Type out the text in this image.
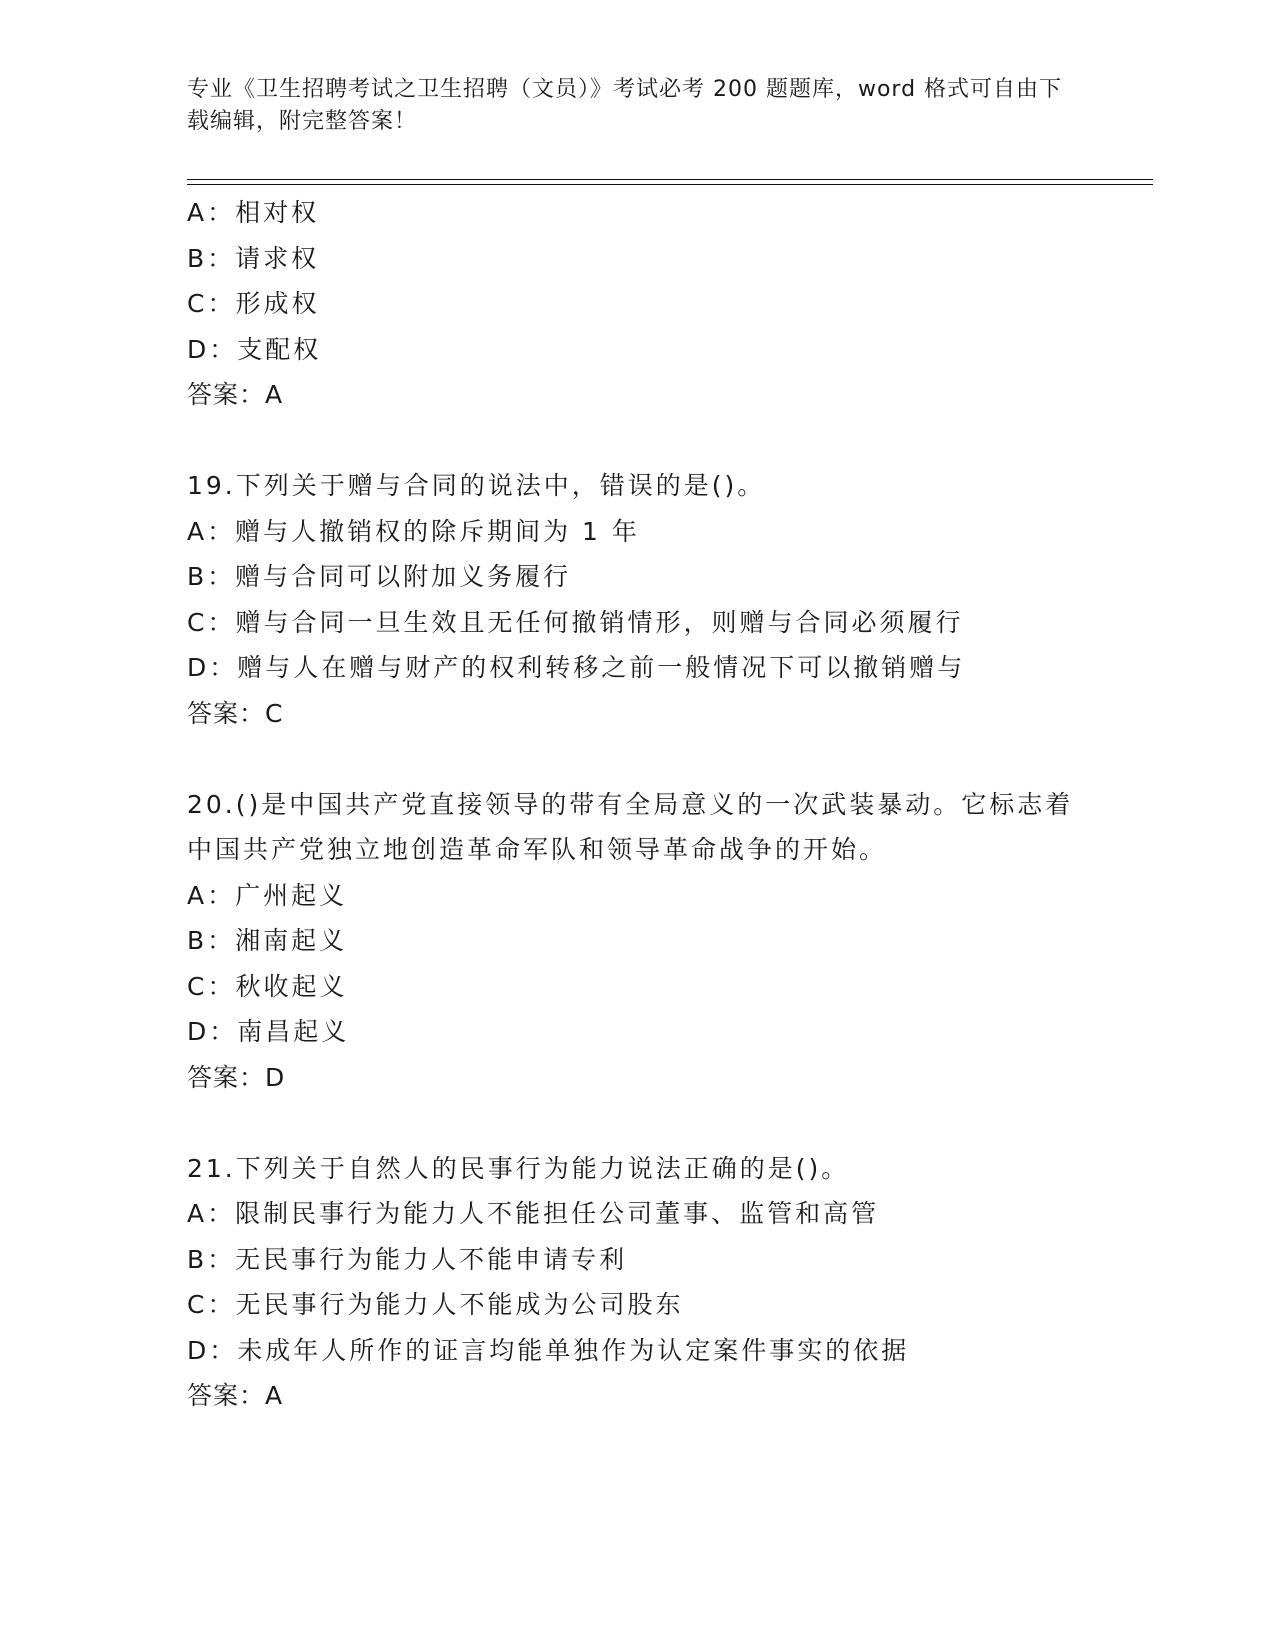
专业《卫生招聘考试之卫生招聘（文员）》考试必考 200 题题库，word 格式可自由下载编辑，附完整答案！
A：相对权
B：请求权
C：形成权
D：支配权
答案：A
19.下列关于赠与合同的说法中，错误的是()。
A：赠与人撤销权的除斥期间为 1 年
B：赠与合同可以附加义务履行
C：赠与合同一旦生效且无任何撤销情形，则赠与合同必须履行
D：赠与人在赠与财产的权利转移之前一般情况下可以撤销赠与
答案：C
20.()是中国共产党直接领导的带有全局意义的一次武装暴动。它标志着中国共产党独立地创造革命军队和领导革命战争的开始。
A：广州起义
B：湘南起义
C：秋收起义
D：南昌起义
答案：D
21.下列关于自然人的民事行为能力说法正确的是()。
A：限制民事行为能力人不能担任公司董事、监管和高管
B：无民事行为能力人不能申请专利
C：无民事行为能力人不能成为公司股东
D：未成年人所作的证言均能单独作为认定案件事实的依据
答案：A
